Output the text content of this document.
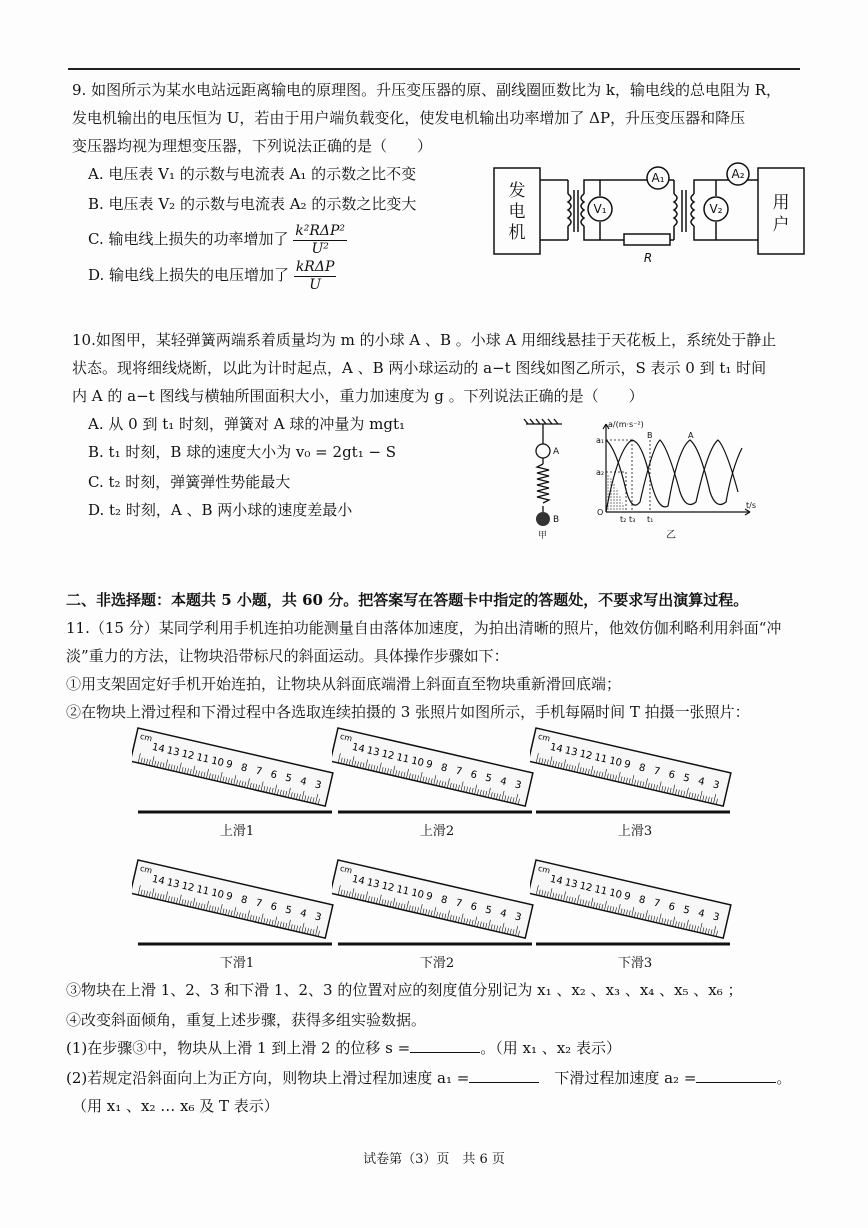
9. 如图所示为某水电站远距离输电的原理图。升压变压器的原、副线圈匝数比为 k，输电线的总电阻为 R，
发电机输出的电压恒为 U，若由于用户端负载变化，使发电机输出功率增加了 ΔP，升压变压器和降压
变压器均视为理想变压器，下列说法正确的是（　　）
A. 电压表 V₁ 的示数与电流表 A₁ 的示数之比不变
B. 电压表 V₂ 的示数与电流表 A₂ 的示数之比变大
C. 输电线上损失的功率增加了 $\frac{\text{k²RΔP²}}{\text{U²}}$
D. 输电线上损失的电压增加了 $\frac{\text{kRΔP}}{U}$
发
电
机
用
户
A₁	A₂
V₁	V₂
R
10.如图甲，某轻弹簧两端系着质量均为 m 的小球 A 、B 。小球 A 用细线悬挂于天花板上，系统处于静止
状态。现将细线烧断，以此为计时起点，A 、B 两小球运动的 a−t 图线如图乙所示，S 表示 0 到 t₁ 时间
内 A 的 a−t 图线与横轴所围面积大小，重力加速度为 g 。下列说法正确的是（　　）
A. 从 0 到 t₁ 时刻，弹簧对 A 球的冲量为 mgt₁
B. t₁ 时刻，B 球的速度大小为 v₀ = 2gt₁ − S
C. t₂ 时刻，弹簧弹性势能最大
D. t₂ 时刻，A 、B 两小球的速度差最小
A
B
甲
a/(m·s⁻²)
t/s
B	A
a₁
a₂
O
t₂ t₃ t₁
乙
二、非选择题：本题共 5 小题，共 60 分。把答案写在答题卡中指定的答题处，不要求写出演算过程。
11.（15 分）某同学利用手机连拍功能测量自由落体加速度，为拍出清晰的照片，他效仿伽利略利用斜面“冲
淡”重力的方法，让物块沿带标尺的斜面运动。具体操作步骤如下：
①用支架固定好手机开始连拍，让物块从斜面底端滑上斜面直至物块重新滑回底端；
②在物块上滑过程和下滑过程中各选取连续拍摄的 3 张照片如图所示，手机每隔时间 T 拍摄一张照片：
cm
14 13 12 11 10 9 8 7 6 5 4 3
上滑1
cm
14 13 12 11 10 9 8 7 6 5 4 3
上滑2
cm
14 13 12 11 10 9 8 7 6 5 4 3
上滑3
cm
14 13 12 11 10 9 8 7 6 5 4 3
下滑1
cm
14 13 12 11 10 9 8 7 6 5 4 3
下滑2
cm
14 13 12 11 10 9 8 7 6 5 4 3
下滑3
③物块在上滑 1、2、3 和下滑 1、2、3 的位置对应的刻度值分别记为 x₁ 、x₂ 、x₃ 、x₄ 、x₅ 、x₆ ；
④改变斜面倾角，重复上述步骤，获得多组实验数据。
(1)在步骤③中，物块从上滑 1 到上滑 2 的位移 s =	。（用 x₁ 、x₂ 表示）
(2)若规定沿斜面向上为正方向，则物块上滑过程加速度 a₁ =　	下滑过程加速度 a₂ =	。
（用 x₁ 、x₂ … x₆ 及 T 表示）
试卷第（3）页　共 6 页
